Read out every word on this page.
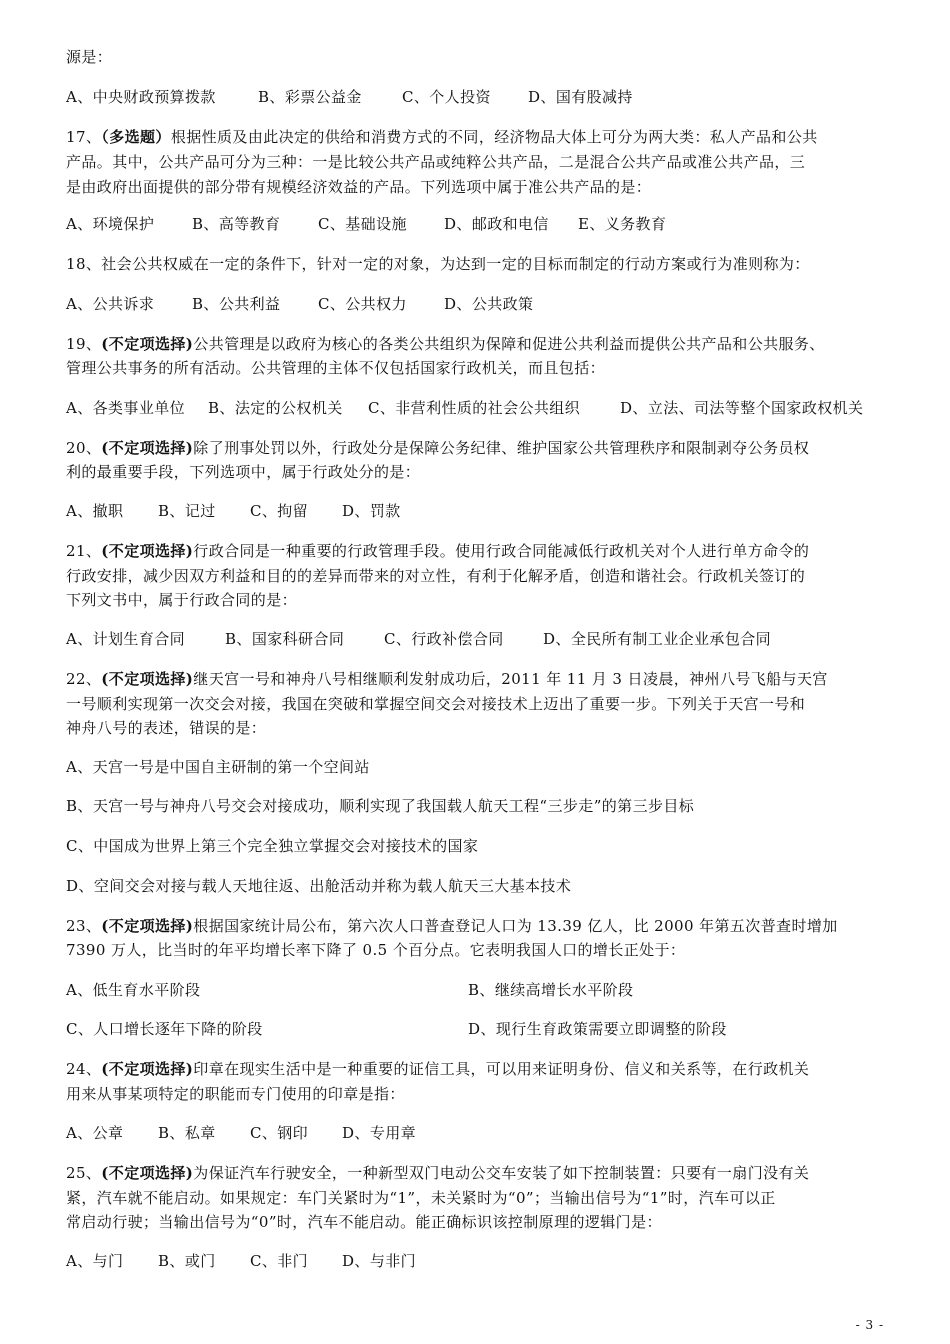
源是：
A、中央财政预算拨款	B、彩票公益金	C、个人投资 D、国有股减持
17、（多选题）根据性质及由此决定的供给和消费方式的不同，经济物品大体上可分为两大类：私人产品和公共
产品。其中，公共产品可分为三种：一是比较公共产品或纯粹公共产品，二是混合公共产品或准公共产品，三
是由政府出面提供的部分带有规模经济效益的产品。下列选项中属于准公共产品的是：
A、环境保护	B、高等教育	C、基础设施 D、邮政和电信 E、义务教育
18、社会公共权威在一定的条件下，针对一定的对象，为达到一定的目标而制定的行动方案或行为准则称为：
A、公共诉求	B、公共利益	C、公共权力 D、公共政策
19、(不定项选择)公共管理是以政府为核心的各类公共组织为保障和促进公共利益而提供公共产品和公共服务、
管理公共事务的所有活动。公共管理的主体不仅包括国家行政机关，而且包括：
A、各类事业单位 B、法定的公权机关 C、非营利性质的社会公共组织	D、立法、司法等整个国家政权机关
20、(不定项选择)除了刑事处罚以外，行政处分是保障公务纪律、维护国家公共管理秩序和限制剥夺公务员权
利的最重要手段，下列选项中，属于行政处分的是：
A、撤职 B、记过 C、拘留 D、罚款
21、(不定项选择)行政合同是一种重要的行政管理手段。使用行政合同能减低行政机关对个人进行单方命令的
行政安排，减少因双方利益和目的的差异而带来的对立性，有利于化解矛盾，创造和谐社会。行政机关签订的
下列文书中，属于行政合同的是：
A、计划生育合同	B、国家科研合同	C、行政补偿合同	D、全民所有制工业企业承包合同
22、(不定项选择)继天宫一号和神舟八号相继顺利发射成功后，2011 年 11 月 3 日凌晨，神州八号飞船与天宫
一号顺利实现第一次交会对接，我国在突破和掌握空间交会对接技术上迈出了重要一步。下列关于天宫一号和
神舟八号的表述，错误的是：
A、天宫一号是中国自主研制的第一个空间站
B、天宫一号与神舟八号交会对接成功，顺利实现了我国载人航天工程“三步走”的第三步目标
C、中国成为世界上第三个完全独立掌握交会对接技术的国家
D、空间交会对接与载人天地往返、出舱活动并称为载人航天三大基本技术
23、(不定项选择)根据国家统计局公布，第六次人口普查登记人口为 13.39 亿人，比 2000 年第五次普查时增加
7390 万人，比当时的年平均增长率下降了 0.5 个百分点。它表明我国人口的增长正处于：
A、低生育水平阶段	B、继续高增长水平阶段
C、人口增长逐年下降的阶段	D、现行生育政策需要立即调整的阶段
24、(不定项选择)印章在现实生活中是一种重要的证信工具，可以用来证明身份、信义和关系等，在行政机关
用来从事某项特定的职能而专门使用的印章是指：
A、公章 B、私章 C、钢印 D、专用章
25、(不定项选择)为保证汽车行驶安全，一种新型双门电动公交车安装了如下控制装置：只要有一扇门没有关
紧，汽车就不能启动。如果规定：车门关紧时为“1”，未关紧时为“0”；当输出信号为“1”时，汽车可以正
常启动行驶；当输出信号为“0”时，汽车不能启动。能正确标识该控制原理的逻辑门是：
A、与门 B、或门 C、非门 D、与非门
- 3 -
